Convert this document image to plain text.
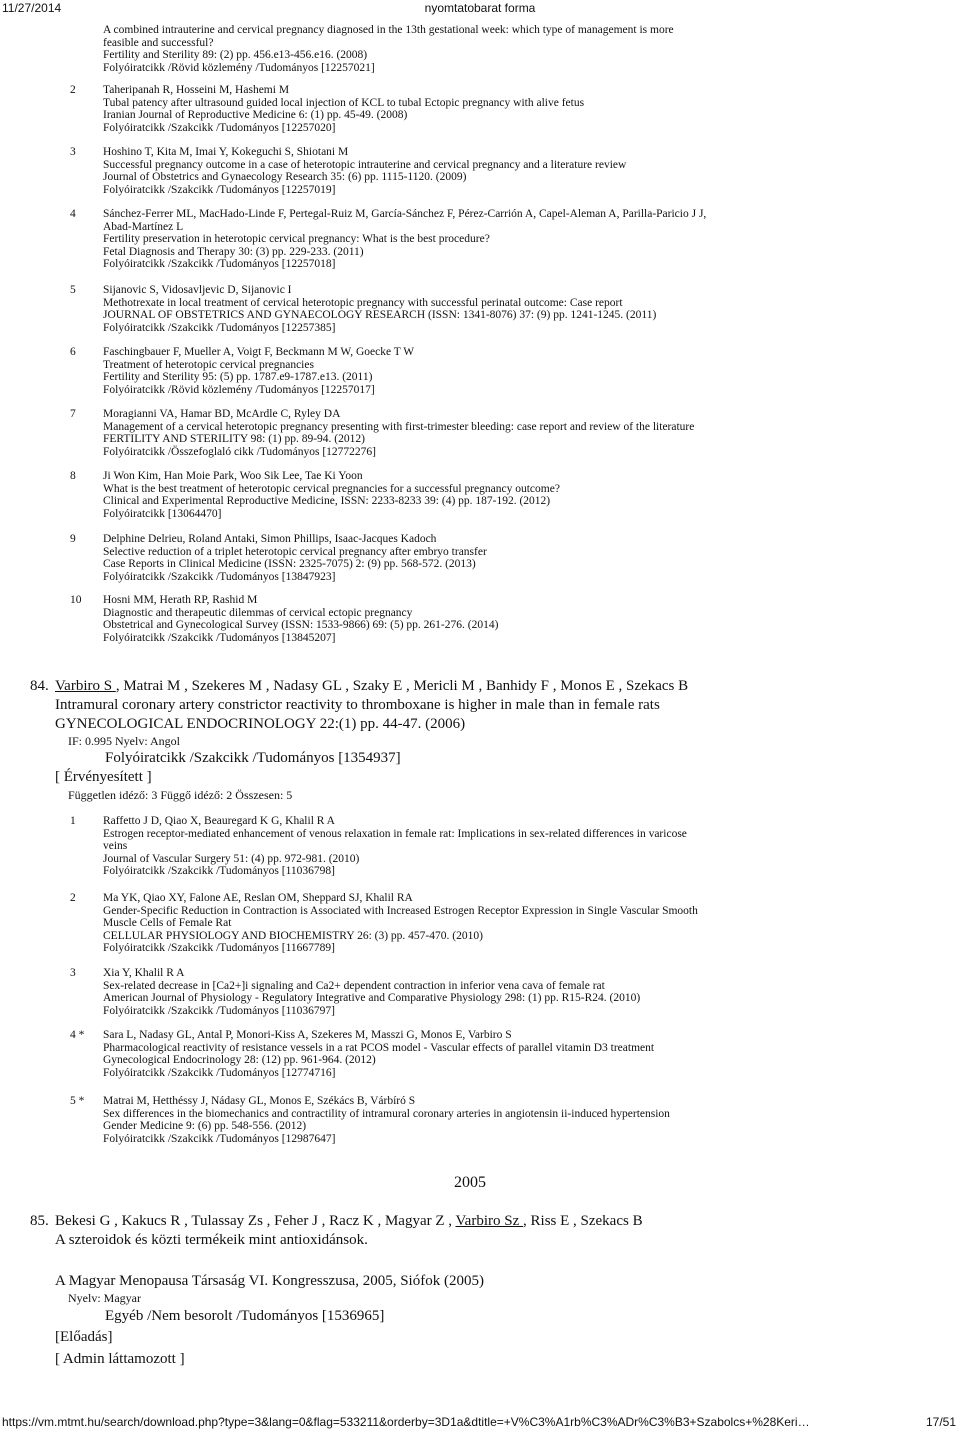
11/27/2014	nyomtatobarat forma
A combined intrauterine and cervical pregnancy diagnosed in the 13th gestational week: which type of management is more
feasible and successful?
Fertility and Sterility 89: (2) pp. 456.e13-456.e16. (2008)
Folyóiratcikk /Rövid közlemény /Tudományos [12257021]
2	Taheripanah R, Hosseini M, Hashemi M
Tubal patency after ultrasound guided local injection of KCL to tubal Ectopic pregnancy with alive fetus
Iranian Journal of Reproductive Medicine 6: (1) pp. 45-49. (2008)
Folyóiratcikk /Szakcikk /Tudományos [12257020]
3	Hoshino T, Kita M, Imai Y, Kokeguchi S, Shiotani M
Successful pregnancy outcome in a case of heterotopic intrauterine and cervical pregnancy and a literature review
Journal of Obstetrics and Gynaecology Research 35: (6) pp. 1115-1120. (2009)
Folyóiratcikk /Szakcikk /Tudományos [12257019]
4	Sánchez-Ferrer ML, MacHado-Linde F, Pertegal-Ruiz M, García-Sánchez F, Pérez-Carrión A, Capel-Aleman A, Parilla-Paricio J J,
Abad-Martínez L
Fertility preservation in heterotopic cervical pregnancy: What is the best procedure?
Fetal Diagnosis and Therapy 30: (3) pp. 229-233. (2011)
Folyóiratcikk /Szakcikk /Tudományos [12257018]
5	Sijanovic S, Vidosavljevic D, Sijanovic I
Methotrexate in local treatment of cervical heterotopic pregnancy with successful perinatal outcome: Case report
JOURNAL OF OBSTETRICS AND GYNAECOLOGY RESEARCH (ISSN: 1341-8076) 37: (9) pp. 1241-1245. (2011)
Folyóiratcikk /Szakcikk /Tudományos [12257385]
6	Faschingbauer F, Mueller A, Voigt F, Beckmann M W, Goecke T W
Treatment of heterotopic cervical pregnancies
Fertility and Sterility 95: (5) pp. 1787.e9-1787.e13. (2011)
Folyóiratcikk /Rövid közlemény /Tudományos [12257017]
7	Moragianni VA, Hamar BD, McArdle C, Ryley DA
Management of a cervical heterotopic pregnancy presenting with first-trimester bleeding: case report and review of the literature
FERTILITY AND STERILITY 98: (1) pp. 89-94. (2012)
Folyóiratcikk /Összefoglaló cikk /Tudományos [12772276]
8	Ji Won Kim, Han Moie Park, Woo Sik Lee, Tae Ki Yoon
What is the best treatment of heterotopic cervical pregnancies for a successful pregnancy outcome?
Clinical and Experimental Reproductive Medicine, ISSN: 2233-8233 39: (4) pp. 187-192. (2012)
Folyóiratcikk [13064470]
9	Delphine Delrieu, Roland Antaki, Simon Phillips, Isaac-Jacques Kadoch
Selective reduction of a triplet heterotopic cervical pregnancy after embryo transfer
Case Reports in Clinical Medicine (ISSN: 2325-7075) 2: (9) pp. 568-572. (2013)
Folyóiratcikk /Szakcikk /Tudományos [13847923]
10	Hosni MM, Herath RP, Rashid M
Diagnostic and therapeutic dilemmas of cervical ectopic pregnancy
Obstetrical and Gynecological Survey (ISSN: 1533-9866) 69: (5) pp. 261-276. (2014)
Folyóiratcikk /Szakcikk /Tudományos [13845207]
84. Varbiro S , Matrai M , Szekeres M , Nadasy GL , Szaky E , Mericli M , Banhidy F , Monos E , Szekacs B
Intramural coronary artery constrictor reactivity to thromboxane is higher in male than in female rats
GYNECOLOGICAL ENDOCRINOLOGY 22:(1) pp. 44-47. (2006)
IF: 0.995 Nyelv: Angol
Folyóiratcikk /Szakcikk /Tudományos [1354937]
[ Érvényesített ]
Független idéző: 3 Függő idéző: 2 Összesen: 5
1	Raffetto J D, Qiao X, Beauregard K G, Khalil R A
Estrogen receptor-mediated enhancement of venous relaxation in female rat: Implications in sex-related differences in varicose
veins
Journal of Vascular Surgery 51: (4) pp. 972-981. (2010)
Folyóiratcikk /Szakcikk /Tudományos [11036798]
2	Ma YK, Qiao XY, Falone AE, Reslan OM, Sheppard SJ, Khalil RA
Gender-Specific Reduction in Contraction is Associated with Increased Estrogen Receptor Expression in Single Vascular Smooth
Muscle Cells of Female Rat
CELLULAR PHYSIOLOGY AND BIOCHEMISTRY 26: (3) pp. 457-470. (2010)
Folyóiratcikk /Szakcikk /Tudományos [11667789]
3	Xia Y, Khalil R A
Sex-related decrease in [Ca2+]i signaling and Ca2+ dependent contraction in inferior vena cava of female rat
American Journal of Physiology - Regulatory Integrative and Comparative Physiology 298: (1) pp. R15-R24. (2010)
Folyóiratcikk /Szakcikk /Tudományos [11036797]
4 *	Sara L, Nadasy GL, Antal P, Monori-Kiss A, Szekeres M, Masszi G, Monos E, Varbiro S
Pharmacological reactivity of resistance vessels in a rat PCOS model - Vascular effects of parallel vitamin D3 treatment
Gynecological Endocrinology 28: (12) pp. 961-964. (2012)
Folyóiratcikk /Szakcikk /Tudományos [12774716]
5 *	Matrai M, Hetthéssy J, Nádasy GL, Monos E, Székács B, Várbíró S
Sex differences in the biomechanics and contractility of intramural coronary arteries in angiotensin ii-induced hypertension
Gender Medicine 9: (6) pp. 548-556. (2012)
Folyóiratcikk /Szakcikk /Tudományos [12987647]
2005
85. Bekesi G , Kakucs R , Tulassay Zs , Feher J , Racz K , Magyar Z , Varbiro Sz , Riss E , Szekacs B
A szteroidok és közti termékeik mint antioxidánsok.
A Magyar Menopausa Társaság VI. Kongresszusa, 2005, Siófok (2005)
Nyelv: Magyar
Egyéb /Nem besorolt /Tudományos [1536965]
[Előadás]
[ Admin láttamozott ]
https://vm.mtmt.hu/search/download.php?type=3&lang=0&flag=533211&orderby=3D1a&dtitle=+V%C3%A1rb%C3%ADr%C3%B3+Szabolcs+%28Keri…	17/51
